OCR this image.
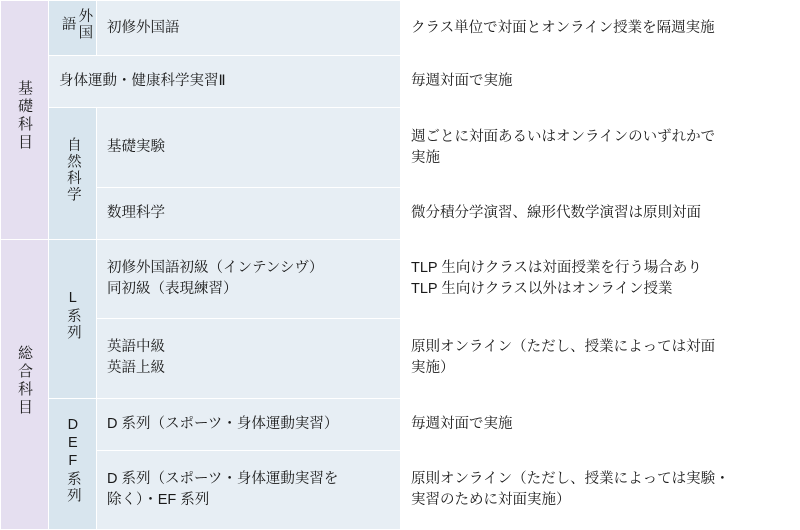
基礎科目	外国語	初修外国語	クラス単位で対面とオンライン授業を隔週実施

	身体運動・健康科学実習Ⅱ		毎週対面で実施

	自然科学	基礎実験	週ごとに対面あるいはオンラインのいずれかで
実施

		数理科学	微分積分学演習、線形代数学演習は原則対面

総合科目	L系列	初修外国語初級（インテンシヴ）
同初級（表現練習）	TLP 生向けクラスは対面授業を行う場合あり
TLP 生向けクラス以外はオンライン授業

		英語中級
英語上級	原則オンライン（ただし、授業によっては対面
実施）

	DEF系列	D 系列（スポーツ・身体運動実習）	毎週対面で実施

		D 系列（スポーツ・身体運動実習を
除く）・EF 系列	原則オンライン（ただし、授業によっては実験・
実習のために対面実施）
